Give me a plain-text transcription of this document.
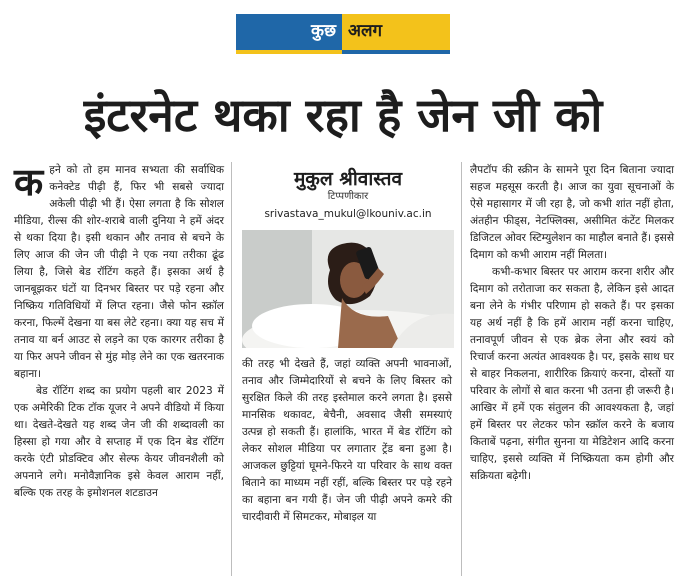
कुछ अलग
इंटरनेट थका रहा है जेन जी को

कहने को तो हम मानव सभ्यता की सर्वाधिक कनेक्टेड पीढ़ी हैं, फिर भी सबसे ज्यादा अकेली पीढ़ी भी हैं। ऐसा लगता है कि सोशल मीडिया, रील्स की शोर-शराबे वाली दुनिया ने हमें अंदर से थका दिया है। इसी थकान और तनाव से बचने के लिए आज की जेन जी पीढ़ी ने एक नया तरीका ढूंढ लिया है, जिसे बेड रॉटिंग कहते हैं। इसका अर्थ है जानबूझकर घंटों या दिनभर बिस्तर पर पड़े रहना और निष्क्रिय गतिविधियों में लिप्त रहना। जैसे फोन स्क्रॉल करना, फिल्में देखना या बस लेटे रहना। क्या यह सच में तनाव या बर्न आउट से लड़ने का एक कारगर तरीका है या फिर अपने जीवन से मुंह मोड़ लेने का एक खतरनाक बहाना।

बेड रॉटिंग शब्द का प्रयोग पहली बार 2023 में एक अमेरिकी टिक टॉक यूजर ने अपने वीडियो में किया था। देखते-देखते यह शब्द जेन जी की शब्दावली का हिस्सा हो गया और वे सप्ताह में एक दिन बेड रॉटिंग करके एंटी प्रोडक्टिव और सेल्फ केयर जीवनशैली को अपनाने लगे। मनोवैज्ञानिक इसे केवल आराम नहीं, बल्कि एक तरह के इमोशनल शटडाउन

मुकुल श्रीवास्तव
टिप्पणीकार
srivastava_mukul@lkouniv.ac.in

की तरह भी देखते हैं, जहां व्यक्ति अपनी भावनाओं, तनाव और जिम्मेदारियों से बचने के लिए बिस्तर को सुरक्षित किले की तरह इस्तेमाल करने लगता है। इससे मानसिक थकावट, बेचैनी, अवसाद जैसी समस्याएं उत्पन्न हो सकती हैं। हालांकि, भारत में बेड रॉटिंग को लेकर सोशल मीडिया पर लगातार ट्रेंड बना हुआ है। आजकल छुट्टियां घूमने-फिरने या परिवार के साथ वक्त बिताने का माध्यम नहीं रहीं, बल्कि बिस्तर पर पड़े रहने का बहाना बन गयी हैं। जेन जी पीढ़ी अपने कमरे की चारदीवारी में सिमटकर, मोबाइल या

लैपटॉप की स्क्रीन के सामने पूरा दिन बिताना ज्यादा सहज महसूस करती है। आज का युवा सूचनाओं के ऐसे महासागर में जी रहा है, जो कभी शांत नहीं होता, अंतहीन फीड्स, नेटफ्लिक्स, असीमित कंटेंट मिलकर डिजिटल ओवर स्टिम्युलेशन का माहौल बनाते हैं। इससे दिमाग को कभी आराम नहीं मिलता।

कभी-कभार बिस्तर पर आराम करना शरीर और दिमाग को तरोताजा कर सकता है, लेकिन इसे आदत बना लेने के गंभीर परिणाम हो सकते हैं। पर इसका यह अर्थ नहीं है कि हमें आराम नहीं करना चाहिए, तनावपूर्ण जीवन से एक ब्रेक लेना और स्वयं को रिचार्ज करना अत्यंत आवश्यक है। पर, इसके साथ घर से बाहर निकलना, शारीरिक क्रियाएं करना, दोस्तों या परिवार के लोगों से बात करना भी उतना ही जरूरी है। आखिर में हमें एक संतुलन की आवश्यकता है, जहां हमें बिस्तर पर लेटकर फोन स्क्रॉल करने के बजाय किताबें पढ़ना, संगीत सुनना या मेडिटेशन आदि करना चाहिए, इससे व्यक्ति में निष्क्रियता कम होगी और सक्रियता बढ़ेगी।
